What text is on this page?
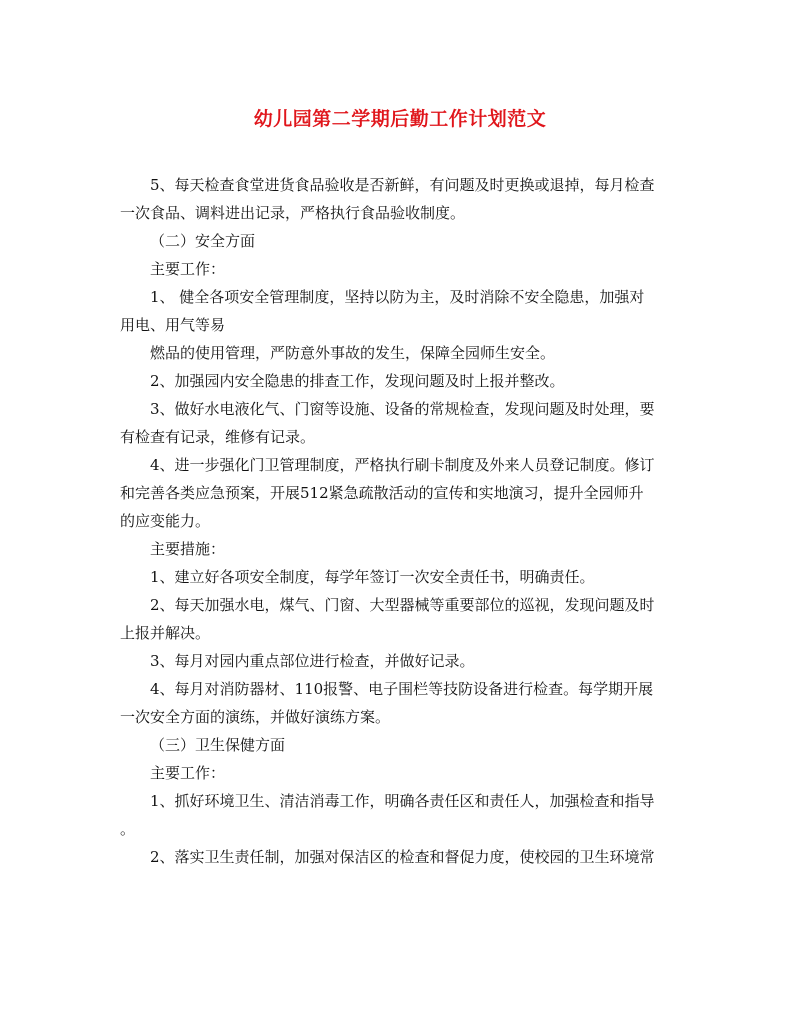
幼儿园第二学期后勤工作计划范文
5、每天检查食堂进货食品验收是否新鲜，有问题及时更换或退掉，每月检查
一次食品、调料进出记录，严格执行食品验收制度。
（二）安全方面
主要工作：
1、 健全各项安全管理制度，坚持以防为主，及时消除不安全隐患，加强对
用电、用气等易
燃品的使用管理，严防意外事故的发生，保障全园师生安全。
2、加强园内安全隐患的排查工作，发现问题及时上报并整改。
3、做好水电液化气、门窗等设施、设备的常规检查，发现问题及时处理，要
有检查有记录，维修有记录。
4、进一步强化门卫管理制度，严格执行刷卡制度及外来人员登记制度。修订
和完善各类应急预案，开展512紧急疏散活动的宣传和实地演习，提升全园师升
的应变能力。
主要措施：
1、建立好各项安全制度，每学年签订一次安全责任书，明确责任。
2、每天加强水电，煤气、门窗、大型器械等重要部位的巡视，发现问题及时
上报并解决。
3、每月对园内重点部位进行检查，并做好记录。
4、每月对消防器材、110报警、电子围栏等技防设备进行检查。每学期开展
一次安全方面的演练，并做好演练方案。
（三）卫生保健方面
主要工作：
1、抓好环境卫生、清洁消毒工作，明确各责任区和责任人，加强检查和指导
。
2、落实卫生责任制，加强对保洁区的检查和督促力度，使校园的卫生环境常
